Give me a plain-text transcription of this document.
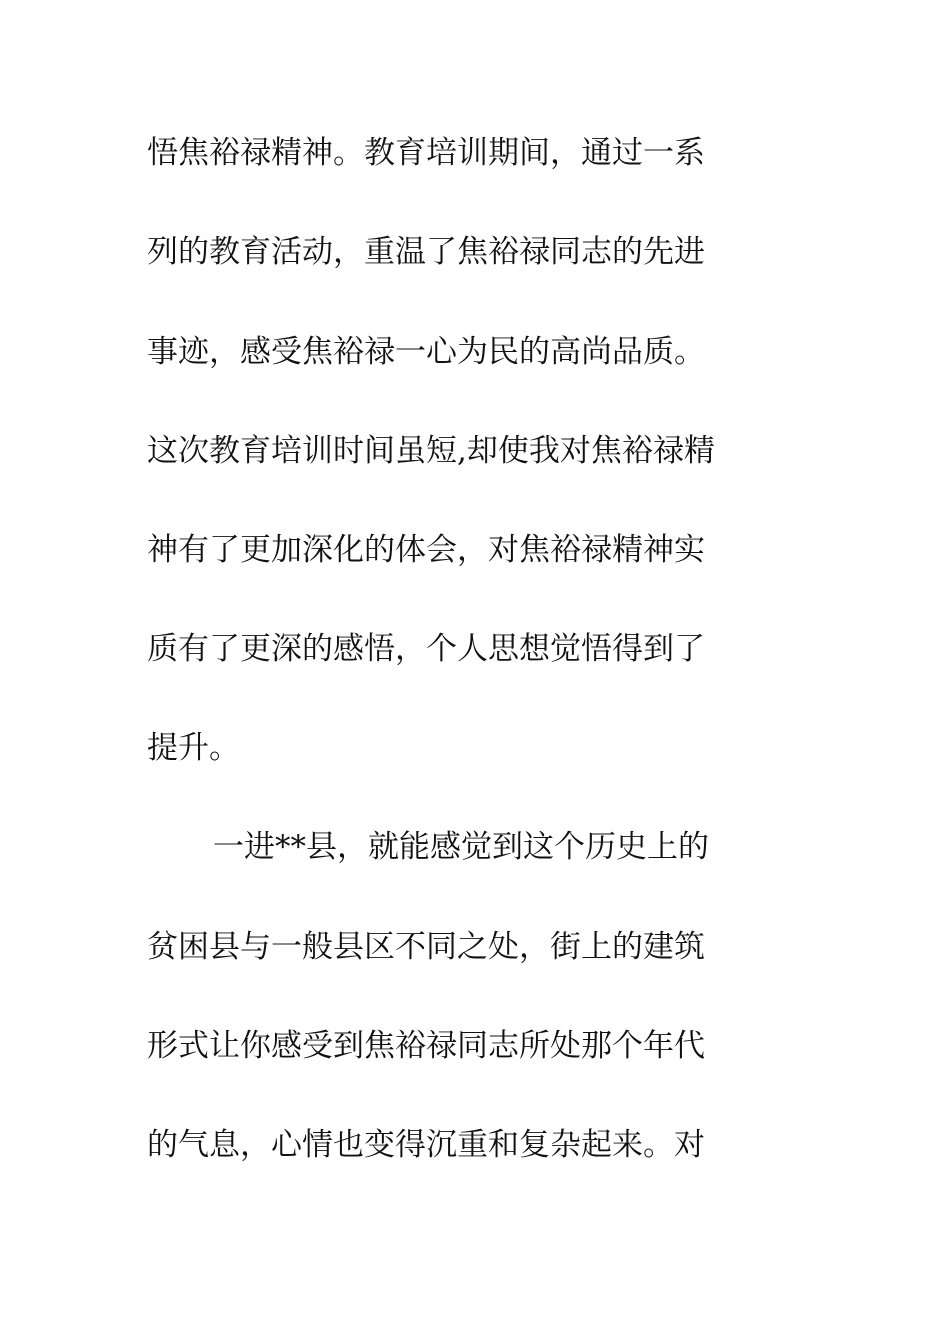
悟焦裕禄精神。教育培训期间，通过一系
列的教育活动，重温了焦裕禄同志的先进
事迹，感受焦裕禄一心为民的高尚品质。
这次教育培训时间虽短,却使我对焦裕禄精
神有了更加深化的体会，对焦裕禄精神实
质有了更深的感悟，个人思想觉悟得到了
提升。
一进**县，就能感觉到这个历史上的
贫困县与一般县区不同之处，街上的建筑
形式让你感受到焦裕禄同志所处那个年代
的气息，心情也变得沉重和复杂起来。对
